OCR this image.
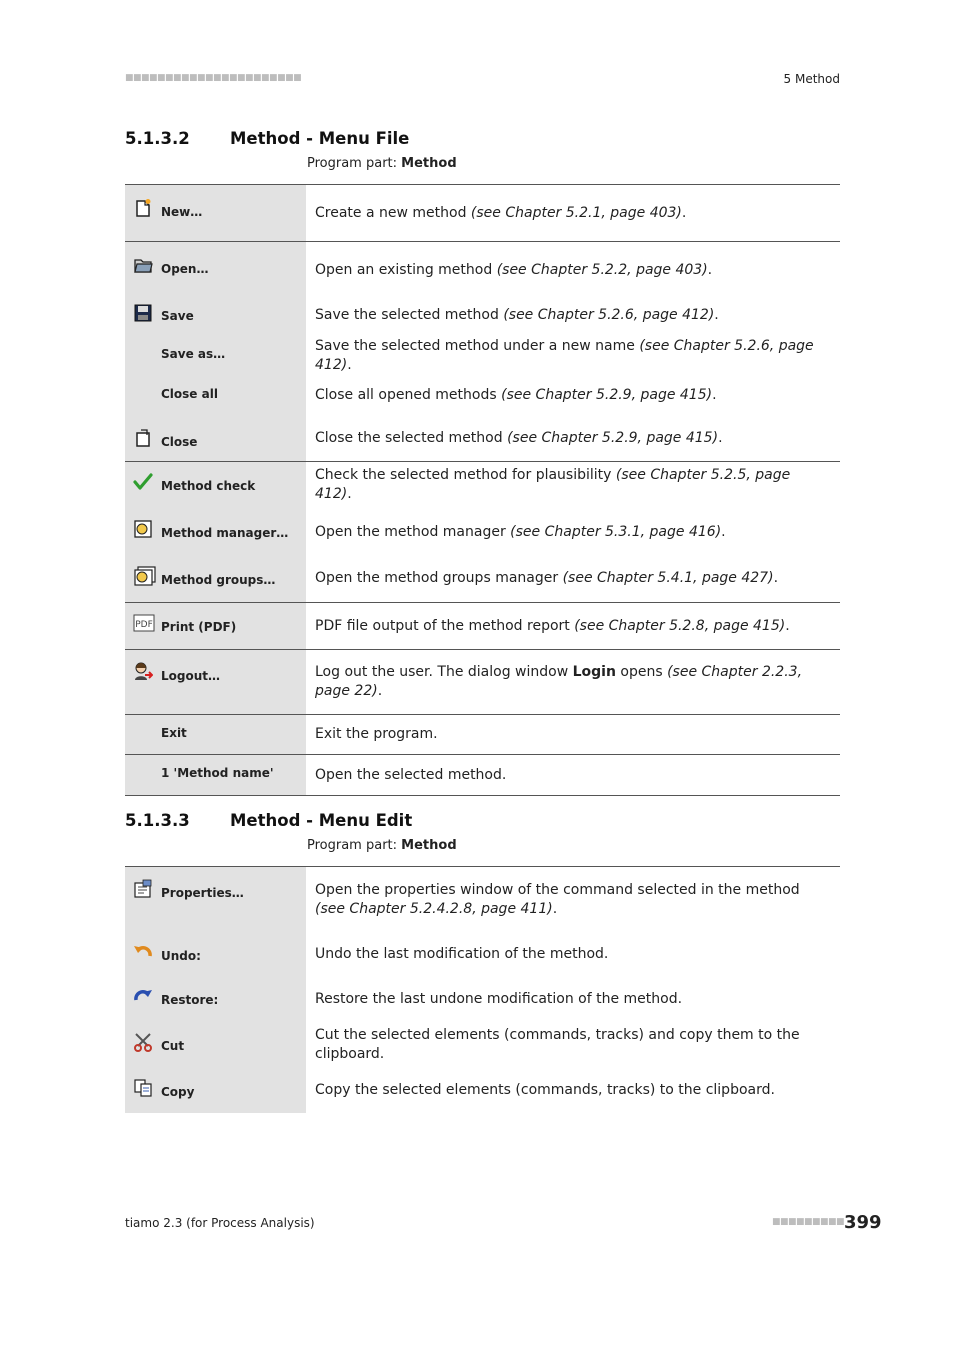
■■■■■■■■■■■■■■■■■■■■■■	5 Method
5.1.3.2 Method - Menu File
Program part: Method
New…	Create a new method (see Chapter 5.2.1, page 403).

Open…	Open an existing method (see Chapter 5.2.2, page 403).

Save	Save the selected method (see Chapter 5.2.6, page 412).

Save as…	Save the selected method under a new name (see Chapter 5.2.6, page 412).

Close all	Close all opened methods (see Chapter 5.2.9, page 415).

Close	Close the selected method (see Chapter 5.2.9, page 415).

Method check	Check the selected method for plausibility (see Chapter 5.2.5, page 412).

Method manager…	Open the method manager (see Chapter 5.3.1, page 416).

Method groups…	Open the method groups manager (see Chapter 5.4.1, page 427).

PDF Print (PDF)	PDF file output of the method report (see Chapter 5.2.8, page 415).

Logout…	Log out the user. The dialog window Login opens (see Chapter 2.2.3, page 22).

Exit	Exit the program.

1 'Method name'	Open the selected method.
5.1.3.3 Method - Menu Edit
Program part: Method
Properties…	Open the properties window of the command selected in the method (see Chapter 5.2.4.2.8, page 411).

Undo:	Undo the last modification of the method.

Restore:	Restore the last undone modification of the method.

Cut	Cut the selected elements (commands, tracks) and copy them to the clipboard.

Copy	Copy the selected elements (commands, tracks) to the clipboard.
tiamo 2.3 (for Process Analysis)	■■■■■■■■■ 399
